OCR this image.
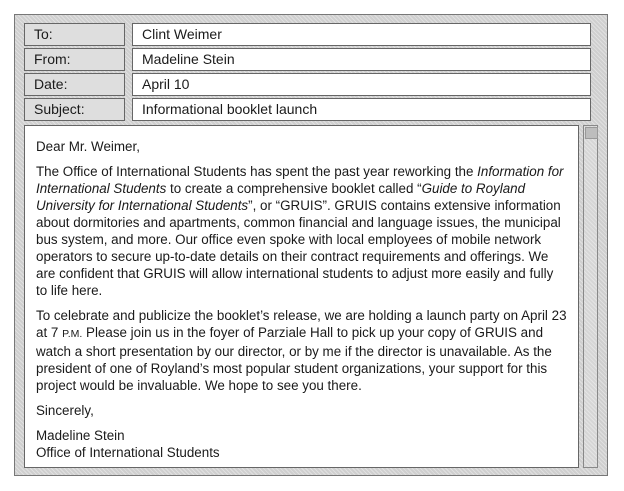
To:	Clint Weimer
From:	Madeline Stein
Date:	April 10
Subject:	Informational booklet launch

Dear Mr. Weimer,

The Office of International Students has spent the past year reworking the Information for International Students to create a comprehensive booklet called “Guide to Royland University for International Students”, or “GRUIS”. GRUIS contains extensive information about dormitories and apartments, common financial and language issues, the municipal bus system, and more. Our office even spoke with local employees of mobile network operators to secure up-to-date details on their contract requirements and offerings. We are confident that GRUIS will allow international students to adjust more easily and fully to life here.

To celebrate and publicize the booklet’s release, we are holding a launch party on April 23 at 7 P.M. Please join us in the foyer of Parziale Hall to pick up your copy of GRUIS and watch a short presentation by our director, or by me if the director is unavailable. As the president of one of Royland’s most popular student organizations, your support for this project would be invaluable. We hope to see you there.

Sincerely,

Madeline Stein
Office of International Students
